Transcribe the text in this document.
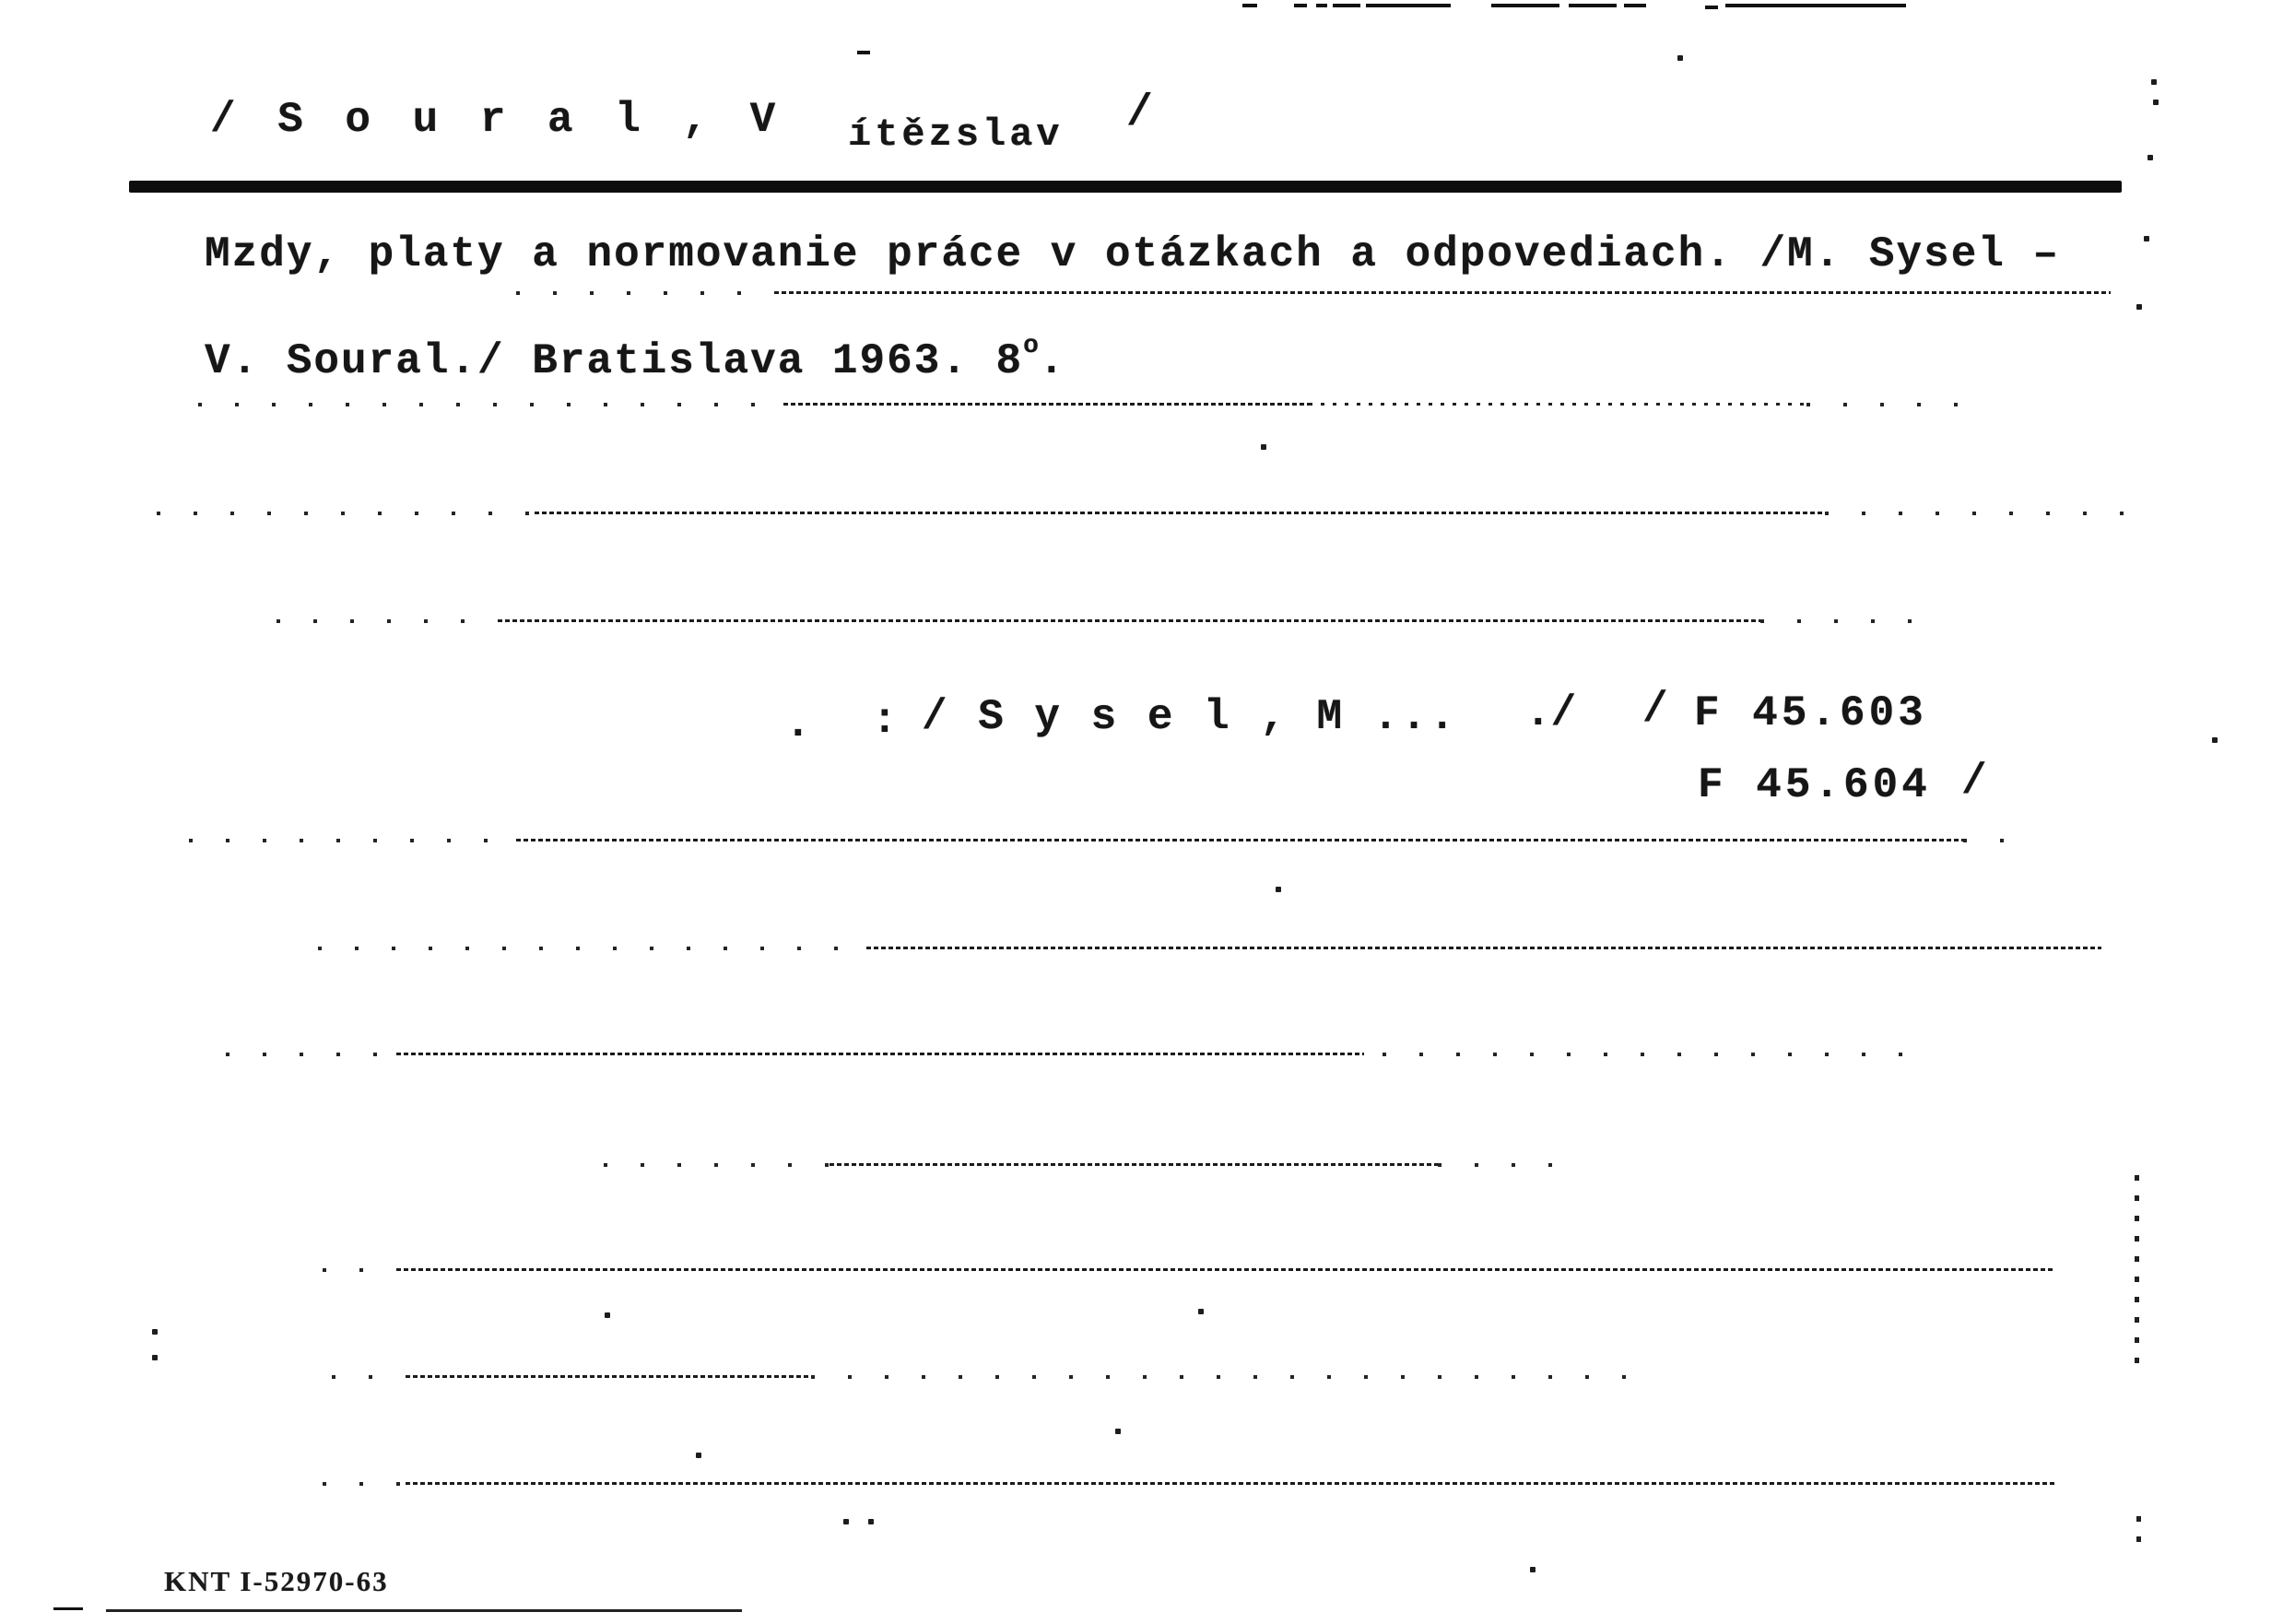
/ S o u r a l , V ítězslav /
Mzdy, platy a normovanie práce v otázkach a odpovediach. /M. Sysel –
V. Soural./ Bratislava 1963. 8$^o$.
. : / S y s e l , M ... ./ / F 45.603
F 45.604 /
KNT I-52970-63
